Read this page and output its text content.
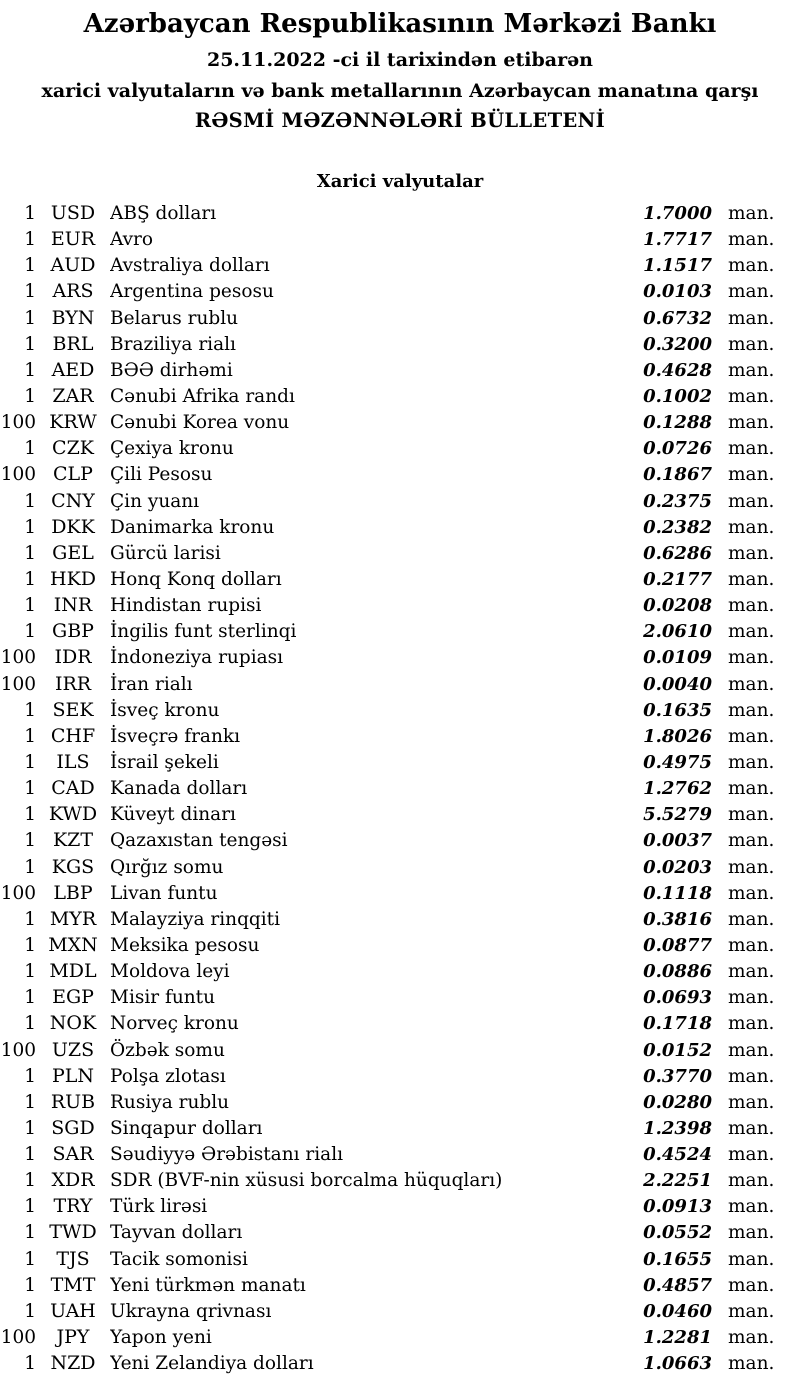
Azərbaycan Respublikasının Mərkəzi Bankı
25.11.2022 -ci il tarixindən etibarən
xarici valyutaların və bank metallarının Azərbaycan manatına qarşı
RƏSMİ MƏZƏNNƏLƏRİ BÜLLETENİ
Xarici valyutalar
1 USD ABŞ dolları	1.7000 man.
1 EUR Avro	1.7717 man.
1 AUD Avstraliya dolları	1.1517 man.
1 ARS Argentina pesosu	0.0103 man.
1 BYN Belarus rublu	0.6732 man.
1 BRL Braziliya rialı	0.3200 man.
1 AED BƏƏ dirhəmi	0.4628 man.
1 ZAR Cənubi Afrika randı	0.1002 man.
100 KRW Cənubi Korea vonu	0.1288 man.
1 CZK Çexiya kronu	0.0726 man.
100 CLP Çili Pesosu	0.1867 man.
1 CNY Çin yuanı	0.2375 man.
1 DKK Danimarka kronu	0.2382 man.
1 GEL Gürcü larisi	0.6286 man.
1 HKD Honq Konq dolları	0.2177 man.
1 INR Hindistan rupisi	0.0208 man.
1 GBP İngilis funt sterlinqi	2.0610 man.
100 IDR İndoneziya rupiası	0.0109 man.
100 IRR	İran rialı	0.0040 man.
1 SEK İsveç kronu	0.1635 man.
1 CHF İsveçrə frankı	1.8026 man.
1	ILS	İsrail şekeli	0.4975 man.
1 CAD Kanada dolları	1.2762 man.
1 KWD Küveyt dinarı	5.5279 man.
1 KZT Qazaxıstan tengəsi	0.0037 man.
1 KGS Qırğız somu	0.0203 man.
100 LBP Livan funtu	0.1118 man.
1 MYR Malayziya rinqqiti	0.3816 man.
1 MXN Meksika pesosu	0.0877 man.
1 MDL Moldova leyi	0.0886 man.
1 EGP Misir funtu	0.0693 man.
1 NOK Norveç kronu	0.1718 man.
100 UZS Özbək somu	0.0152 man.
1 PLN Polşa zlotası	0.3770 man.
1 RUB Rusiya rublu	0.0280 man.
1 SGD Sinqapur dolları	1.2398 man.
1 SAR Səudiyyə Ərəbistanı rialı	0.4524 man.
1 XDR SDR (BVF-nin xüsusi borcalma hüquqları)	2.2251 man.
1 TRY Türk lirəsi	0.0913 man.
1 TWD Tayvan dolları	0.0552 man.
1	TJS	Tacik somonisi	0.1655 man.
1 TMT Yeni türkmən manatı	0.4857 man.
1 UAH Ukrayna qrivnası	0.0460 man.
100	JPY	Yapon yeni	1.2281 man.
1 NZD Yeni Zelandiya dolları	1.0663 man.
